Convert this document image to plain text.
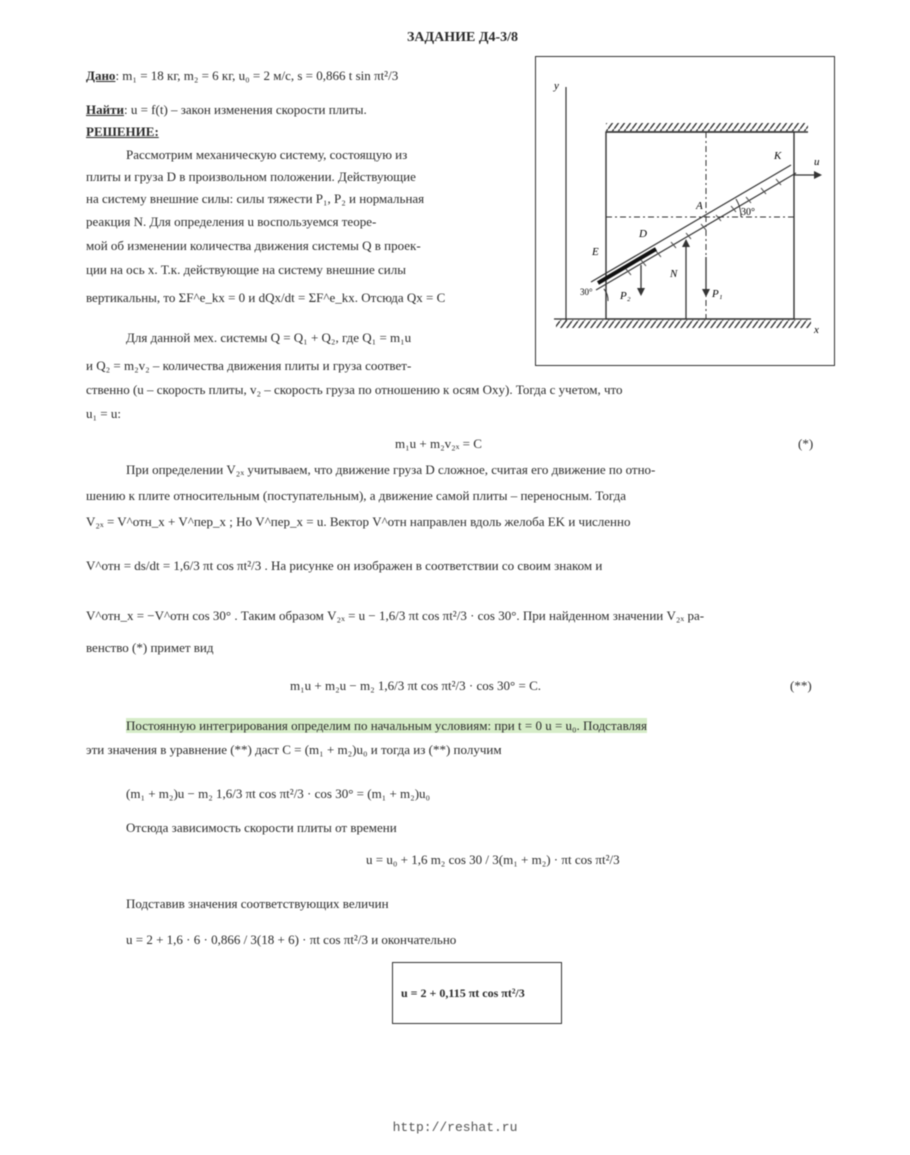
ЗАДАНИЕ Д4-3/8
Дано: m₁ = 18 кг, m₂ = 6 кг, u₀ = 2 м/с, s = 0,866 t sin πt²/3
Найти: u = f(t) – закон изменения скорости плиты.
РЕШЕНИЕ:
Рассмотрим механическую систему, состоящую из
плиты и груза D в произвольном положении. Действующие
на систему внешние силы: силы тяжести P₁, P₂ и нормальная
реакция N. Для определения u воспользуемся теоре-
мой об изменении количества движения системы Q в проек-
ции на ось x. Т.к. действующие на систему внешние силы
вертикальны, то ΣF^e_kx = 0 и dQx/dt = ΣF^e_kx. Отсюда Qx = C
Для данной мех. системы Q = Q₁ + Q₂, где Q₁ = m₁u
и Q₂ = m₂v₂ – количества движения плиты и груза соответ-
ственно (u – скорость плиты, v₂ – скорость груза по отношению к осям Oxy). Тогда с учетом, что
u₁ = u:
m₁u + m₂v₂ₓ = C	(*)
При определении V₂ₓ учитываем, что движение груза D сложное, считая его движение по отно-
шению к плите относительным (поступательным), а движение самой плиты – переносным. Тогда
V₂ₓ = V^отн_x + V^пер_x ; Но V^пер_x = u. Вектор V^отн направлен вдоль желоба EK и численно
V^отн = ds/dt = 1,6/3 πt cos πt²/3 . На рисунке он изображен в соответствии со своим знаком и
V^отн_x = −V^отн cos 30° . Таким образом V₂ₓ = u − 1,6/3 πt cos πt²/3 · cos 30°. При найденном значении V₂ₓ ра-
венство (*) примет вид
m₁u + m₂u − m₂ 1,6/3 πt cos πt²/3 · cos 30° = C.	(**)
Постоянную интегрирования определим по начальным условиям: при t = 0 u = u₀. Подставляя
эти значения в уравнение (**) даст C = (m₁ + m₂)u₀ и тогда из (**) получим
(m₁ + m₂)u − m₂ 1,6/3 πt cos πt²/3 · cos 30° = (m₁ + m₂)u₀
Отсюда зависимость скорости плиты от времени
u = u₀ + 1,6 m₂ cos 30 / 3(m₁ + m₂) · πt cos πt²/3
Подставив значения соответствующих величин
u = 2 + 1,6 · 6 · 0,866 / 3(18 + 6) · πt cos πt²/3 и окончательно
u = 2 + 0,115 πt cos πt²/3
http://reshat.ru
y
x
K	u
A
D
E
30°
N
P₁
P₂
30°
